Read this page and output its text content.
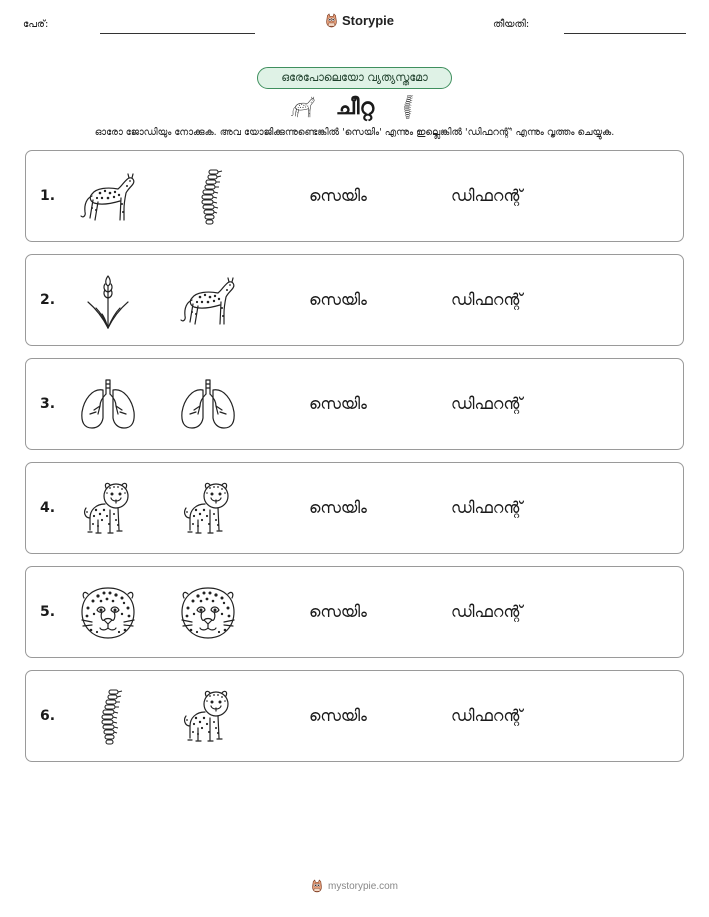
പേര്:	Storypie	തീയതി:
ഒരേപോലെയോ വ്യത്യസ്തമോ
ചീറ്റ
ഓരോ ജോഡിയും നോക്കുക. അവ യോജിക്കുന്നുണ്ടെങ്കിൽ 'സെയിം' എന്നും ഇല്ലെങ്കിൽ 'ഡിഫറന്റ്' എന്നും വൃത്തം ചെയ്യുക.
1.	സെയിം	ഡിഫറന്റ്
2.	സെയിം	ഡിഫറന്റ്
3.	സെയിം	ഡിഫറന്റ്
4.	സെയിം	ഡിഫറന്റ്
5.	സെയിം	ഡിഫറന്റ്
6.	സെയിം	ഡിഫറന്റ്
mystorypie.com
